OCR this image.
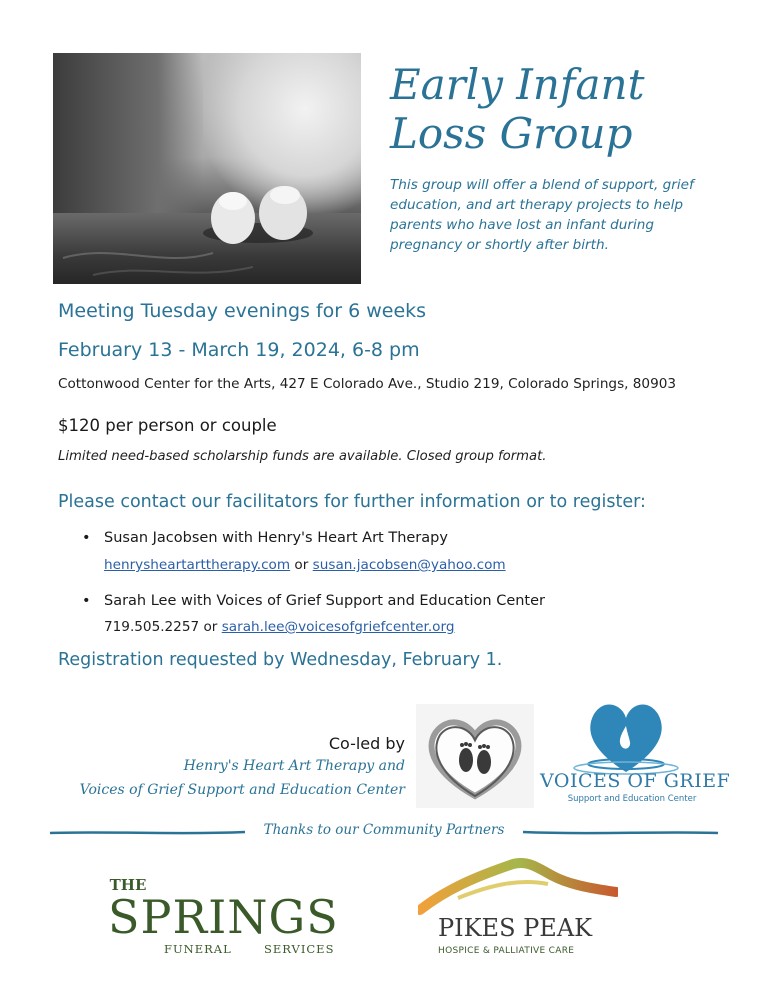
Early Infant
Loss Group
This group will offer a blend of support, grief education, and art therapy projects to help parents who have lost an infant during pregnancy or shortly after birth.
Meeting Tuesday evenings for 6 weeks
February 13 - March 19, 2024, 6-8 pm
Cottonwood Center for the Arts, 427 E Colorado Ave., Studio 219, Colorado Springs, 80903
$120 per person or couple
Limited need-based scholarship funds are available. Closed group format.
Please contact our facilitators for further information or to register:
• Susan Jacobsen with Henry's Heart Art Therapy
henrysheartarttherapy.com or susan.jacobsen@yahoo.com
• Sarah Lee with Voices of Grief Support and Education Center
719.505.2257 or sarah.lee@voicesofgriefcenter.org
Registration requested by Wednesday, February 1.
Co-led by
Henry's Heart Art Therapy and
Voices of Grief Support and Education Center	VOICES OF GRIEF
Support and Education Center
Thanks to our Community Partners
THE
SPRINGS
FUNERAL	SERVICES
PIKES PEAK
HOSPICE & PALLIATIVE CARE
